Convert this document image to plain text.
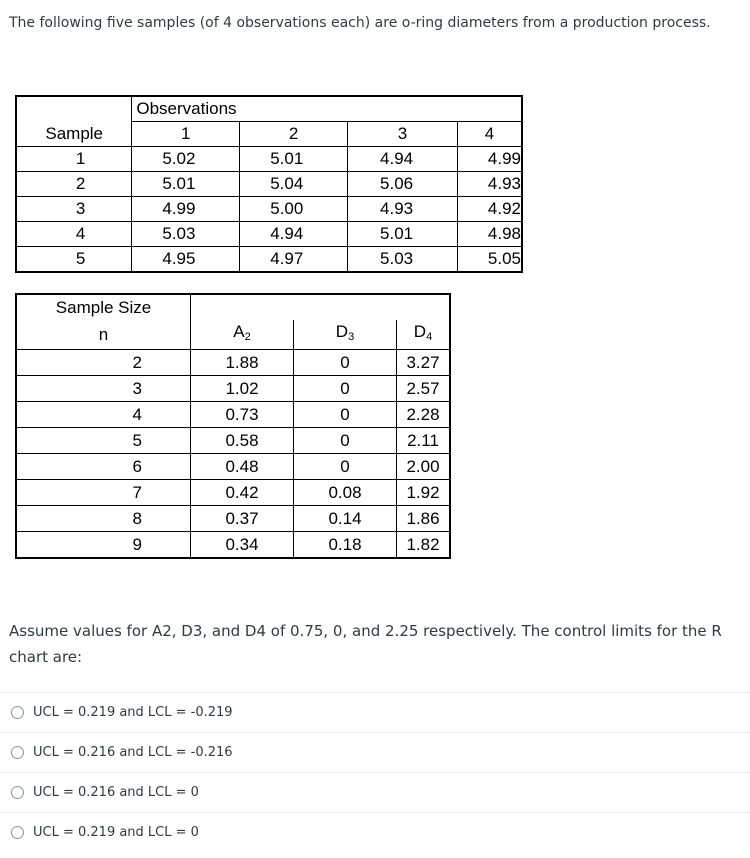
The following five samples (of 4 observations each) are o-ring diameters from a production process.
	Observations			
Sample	1	2	3	4
1	5.02	5.01	4.94	4.99
2	5.01	5.04	5.06	4.93
3	4.99	5.00	4.93	4.92
4	5.03	4.94	5.01	4.98
5	4.95	4.97	5.03	5.05
Sample Size			
n	$A_2$	$D_3$	$D_4$
2	1.88	0	3.27
3	1.02	0	2.57
4	0.73	0	2.28
5	0.58	0	2.11
6	0.48	0	2.00
7	0.42	0.08	1.92
8	0.37	0.14	1.86
9	0.34	0.18	1.82
Assume values for A2, D3, and D4 of 0.75, 0, and 2.25 respectively. The control limits for the R chart are:
UCL = 0.219 and LCL = -0.219
UCL = 0.216 and LCL = -0.216
UCL = 0.216 and LCL = 0
UCL = 0.219 and LCL = 0
